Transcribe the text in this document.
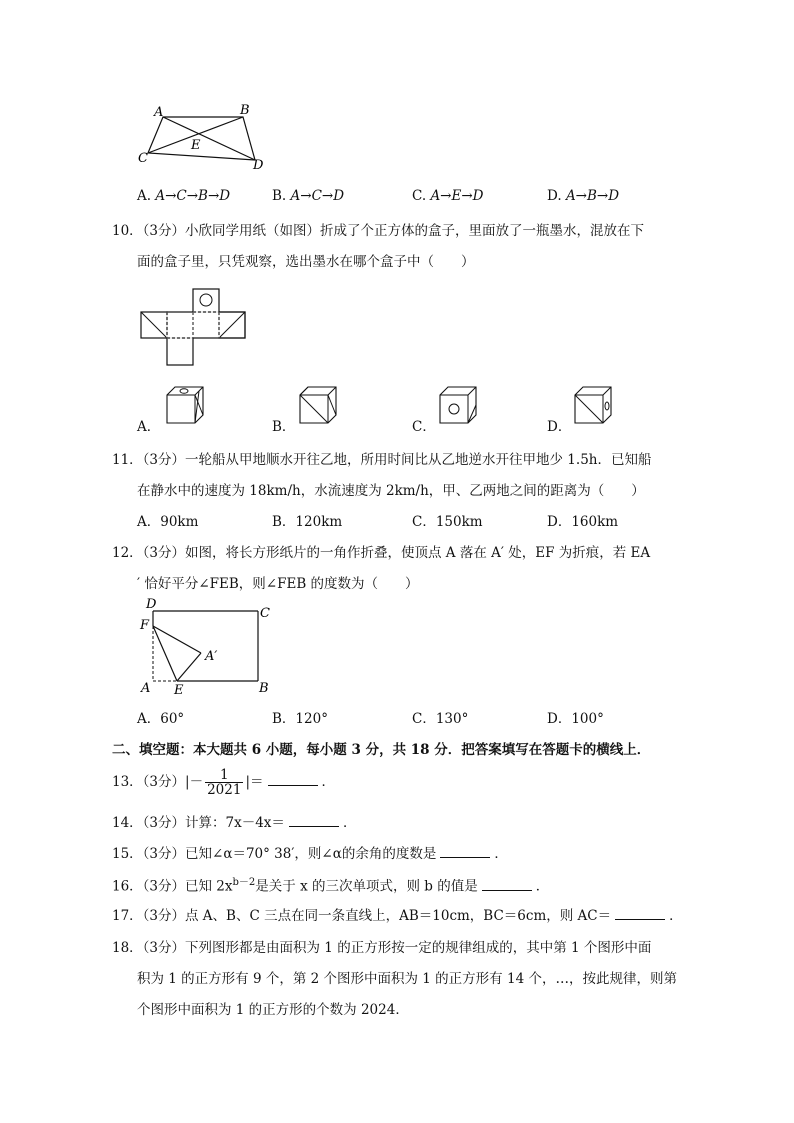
A	B
C	D
E
A. A→C→B→D	B. A→C→D	C. A→E→D	D. A→B→D
10．（3分）小欣同学用纸（如图）折成了个正方体的盒子，里面放了一瓶墨水，混放在下
面的盒子里，只凭观察，选出墨水在哪个盒子中（　　）
A．	B．	C．	D．
11．（3分）一轮船从甲地顺水开往乙地，所用时间比从乙地逆水开往甲地少 1.5h．已知船
在静水中的速度为 18km/h，水流速度为 2km/h，甲、乙两地之间的距离为（　　）
A．90km	B．120km	C．150km	D．160km
12．（3分）如图，将长方形纸片的一角作折叠，使顶点 A 落在 A′ 处，EF 为折痕，若 EA
′ 恰好平分∠FEB，则∠FEB 的度数为（　　）
D
C
F
A′
A E	B
A．60°	B．120°	C．130°	D．100°
二、填空题：本大题共 6 小题，每小题 3 分，共 18 分．把答案填写在答题卡的横线上．
13．（3分）|－ $\frac{1}{2021}$ |＝	．
14．（3分）计算：7x－4x＝	．
15．（3分）已知∠α＝70° 38′，则∠α的余角的度数是	．
16．（3分）已知 $2x^{b-2}$是关于 x 的三次单项式，则 b 的值是	．
17．（3分）点 A、B、C 三点在同一条直线上，AB＝10cm，BC＝6cm，则 AC＝	．
18．（3分）下列图形都是由面积为 1 的正方形按一定的规律组成的，其中第 1 个图形中面
积为 1 的正方形有 9 个，第 2 个图形中面积为 1 的正方形有 14 个，…，按此规律，则第
个图形中面积为 1 的正方形的个数为 2024．
